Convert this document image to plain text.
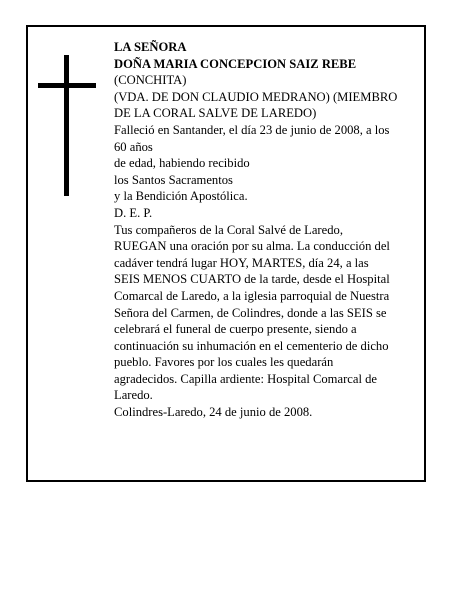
LA SEÑORA
DOÑA MARIA CONCEPCION SAIZ REBE
(CONCHITA)
(VDA. DE DON CLAUDIO MEDRANO) (MIEMBRO
DE LA CORAL SALVE DE LAREDO)
Falleció en Santander, el día 23 de junio de 2008, a los
60 años
de edad, habiendo recibido
los Santos Sacramentos
y la Bendición Apostólica.
D. E. P.
Tus compañeros de la Coral Salvé de Laredo,
RUEGAN una oración por su alma. La conducción del
cadáver tendrá lugar HOY, MARTES, día 24, a las
SEIS MENOS CUARTO de la tarde, desde el Hospital
Comarcal de Laredo, a la iglesia parroquial de Nuestra
Señora del Carmen, de Colindres, donde a las SEIS se
celebrará el funeral de cuerpo presente, siendo a
continuación su inhumación en el cementerio de dicho
pueblo. Favores por los cuales les quedarán
agradecidos. Capilla ardiente: Hospital Comarcal de
Laredo.
Colindres-Laredo, 24 de junio de 2008.
